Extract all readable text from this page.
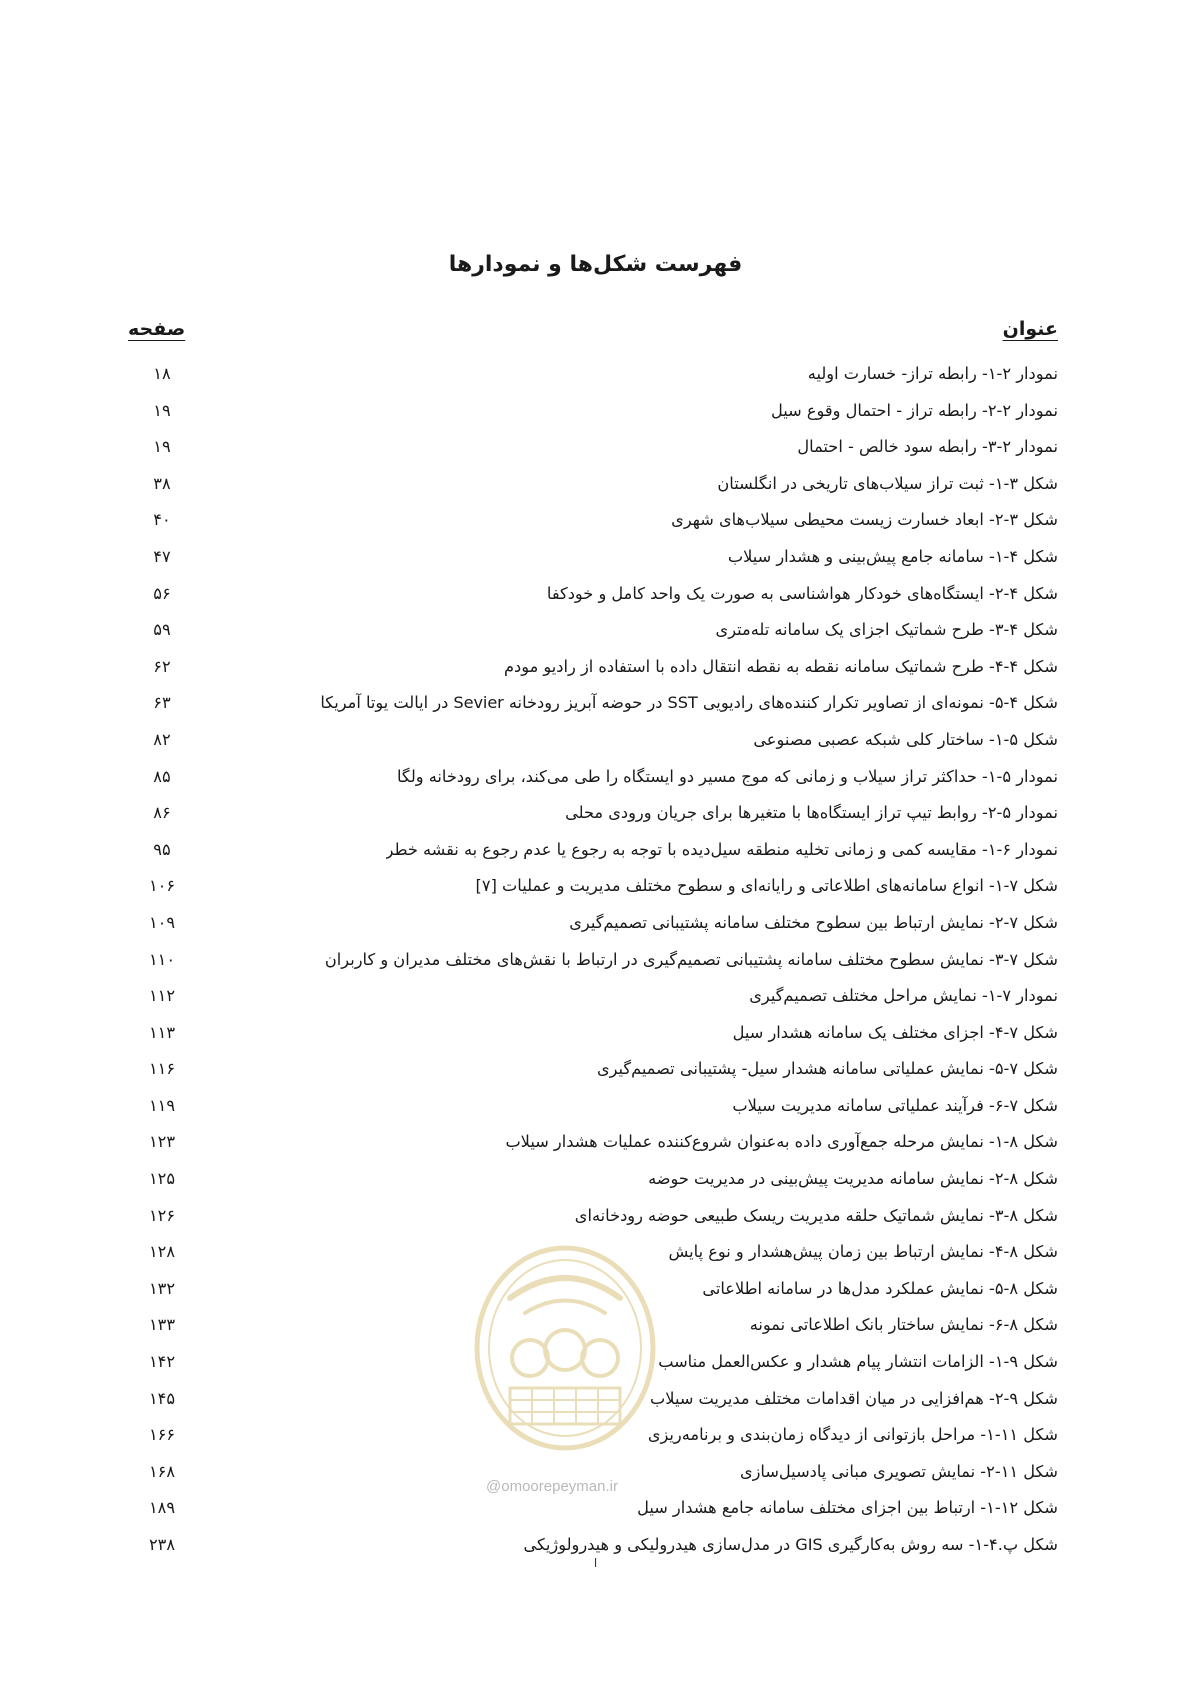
فهرست شکل‌ها و نمودارها
عنوان
صفحه
نمودار ۲-۱- رابطه تراز- خسارت اولیه
۱۸
نمودار ۲-۲- رابطه تراز - احتمال وقوع سیل
۱۹
نمودار ۲-۳- رابطه سود خالص - احتمال
۱۹
شکل ۳-۱- ثبت تراز سیلاب‌های تاریخی در انگلستان
۳۸
شکل ۳-۲- ابعاد خسارت زیست محیطی سیلاب‌های شهری
۴۰
شکل ۴-۱- سامانه جامع پیش‌بینی و هشدار سیلاب
۴۷
شکل ۴-۲- ایستگاه‌های خودکار هواشناسی به صورت یک واحد کامل و خودکفا
۵۶
شکل ۴-۳- طرح شماتیک اجزای یک سامانه تله‌متری
۵۹
شکل ۴-۴- طرح شماتیک سامانه نقطه به نقطه انتقال داده با استفاده از رادیو مودم
۶۲
شکل ۴-۵- نمونه‌ای از تصاویر تکرار کننده‌های رادیویی SST در حوضه آبریز رودخانه Sevier در ایالت یوتا آمریکا
۶۳
شکل ۵-۱- ساختار کلی شبکه عصبی مصنوعی
۸۲
نمودار ۵-۱- حداکثر تراز سیلاب و زمانی که موج مسیر دو ایستگاه را طی می‌کند، برای رودخانه ولگا
۸۵
نمودار ۵-۲- روابط تیپ تراز ایستگاه‌ها با متغیرها برای جریان ورودی محلی
۸۶
نمودار ۶-۱- مقایسه کمی و زمانی تخلیه منطقه سیل‌دیده با توجه به رجوع یا عدم رجوع به نقشه خطر
۹۵
شکل ۷-۱- انواع سامانه‌های اطلاعاتی و رایانه‌ای و سطوح مختلف مدیریت و عملیات [۷]
۱۰۶
شکل ۷-۲- نمایش ارتباط بین سطوح مختلف سامانه پشتیبانی تصمیم‌گیری
۱۰۹
شکل ۷-۳- نمایش سطوح مختلف سامانه پشتیبانی تصمیم‌گیری در ارتباط با نقش‌های مختلف مدیران و کاربران
۱۱۰
نمودار ۷-۱- نمایش مراحل مختلف تصمیم‌گیری
۱۱۲
شکل ۷-۴- اجزای مختلف یک سامانه هشدار سیل
۱۱۳
شکل ۷-۵- نمایش عملیاتی سامانه هشدار سیل- پشتیبانی تصمیم‌گیری
۱۱۶
شکل ۷-۶- فرآیند عملیاتی سامانه مدیریت سیلاب
۱۱۹
شکل ۸-۱- نمایش مرحله جمع‌آوری داده به‌عنوان شروع‌کننده عملیات هشدار سیلاب
۱۲۳
شکل ۸-۲- نمایش سامانه مدیریت پیش‌بینی در مدیریت حوضه
۱۲۵
شکل ۸-۳- نمایش شماتیک حلقه مدیریت ریسک طبیعی حوضه رودخانه‌ای
۱۲۶
شکل ۸-۴- نمایش ارتباط بین زمان پیش‌هشدار و نوع پایش
۱۲۸
شکل ۸-۵- نمایش عملکرد مدل‌ها در سامانه اطلاعاتی
۱۳۲
شکل ۸-۶- نمایش ساختار بانک اطلاعاتی نمونه
۱۳۳
شکل ۹-۱- الزامات انتشار پیام هشدار و عکس‌العمل مناسب
۱۴۲
شکل ۹-۲- هم‌افزایی در میان اقدامات مختلف مدیریت سیلاب
۱۴۵
شکل ۱۱-۱- مراحل بازتوانی از دیدگاه زمان‌بندی و برنامه‌ریزی
۱۶۶
شکل ۱۱-۲- نمایش تصویری مبانی پادسیل‌سازی
۱۶۸
شکل ۱۲-۱- ارتباط بین اجزای مختلف سامانه جامع هشدار سیل
۱۸۹
شکل پ.۴-۱- سه روش به‌کارگیری GIS در مدل‌سازی هیدرولیکی و هیدرولوژیکی
۲۳۸
@omoorepeyman.ir
ا
